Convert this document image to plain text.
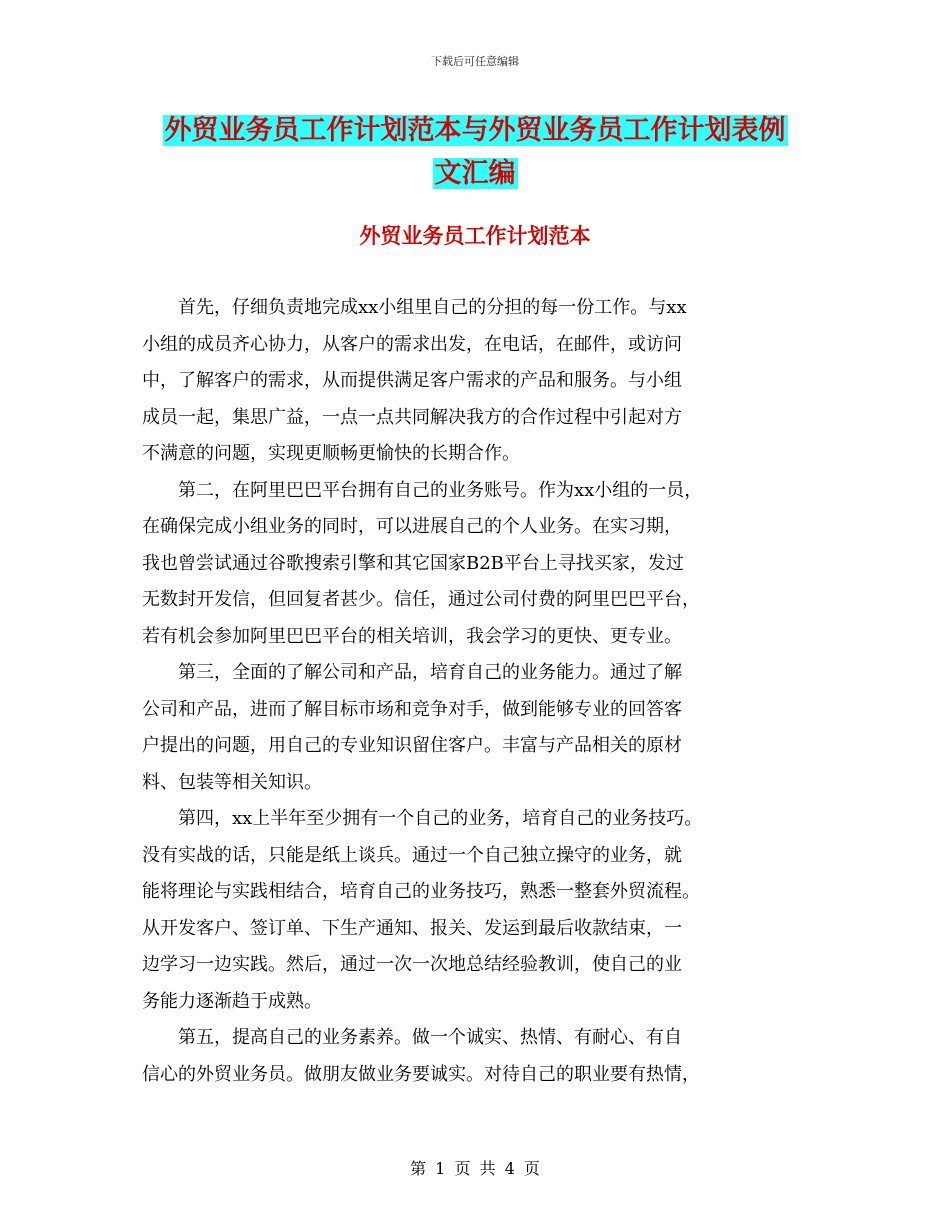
下载后可任意编辑
外贸业务员工作计划范本与外贸业务员工作计划表例
文汇编
外贸业务员工作计划范本
　　首先，仔细负责地完成xx小组里自己的分担的每一份工作。与xx
小组的成员齐心协力，从客户的需求出发，在电话，在邮件，或访问
中，了解客户的需求，从而提供满足客户需求的产品和服务。与小组
成员一起，集思广益，一点一点共同解决我方的合作过程中引起对方
不满意的问题，实现更顺畅更愉快的长期合作。
　　第二，在阿里巴巴平台拥有自己的业务账号。作为xx小组的一员，
在确保完成小组业务的同时，可以进展自己的个人业务。在实习期，
我也曾尝试通过谷歌搜索引擎和其它国家B2B平台上寻找买家，发过
无数封开发信，但回复者甚少。信任，通过公司付费的阿里巴巴平台，
若有机会参加阿里巴巴平台的相关培训，我会学习的更快、更专业。
　　第三，全面的了解公司和产品，培育自己的业务能力。通过了解
公司和产品，进而了解目标市场和竞争对手，做到能够专业的回答客
户提出的问题，用自己的专业知识留住客户。丰富与产品相关的原材
料、包装等相关知识。
　　第四，xx上半年至少拥有一个自己的业务，培育自己的业务技巧。
没有实战的话，只能是纸上谈兵。通过一个自己独立操守的业务，就
能将理论与实践相结合，培育自己的业务技巧，熟悉一整套外贸流程。
从开发客户、签订单、下生产通知、报关、发运到最后收款结束，一
边学习一边实践。然后，通过一次一次地总结经验教训，使自己的业
务能力逐渐趋于成熟。
　　第五，提高自己的业务素养。做一个诚实、热情、有耐心、有自
信心的外贸业务员。做朋友做业务要诚实。对待自己的职业要有热情，
第 1 页 共 4 页
